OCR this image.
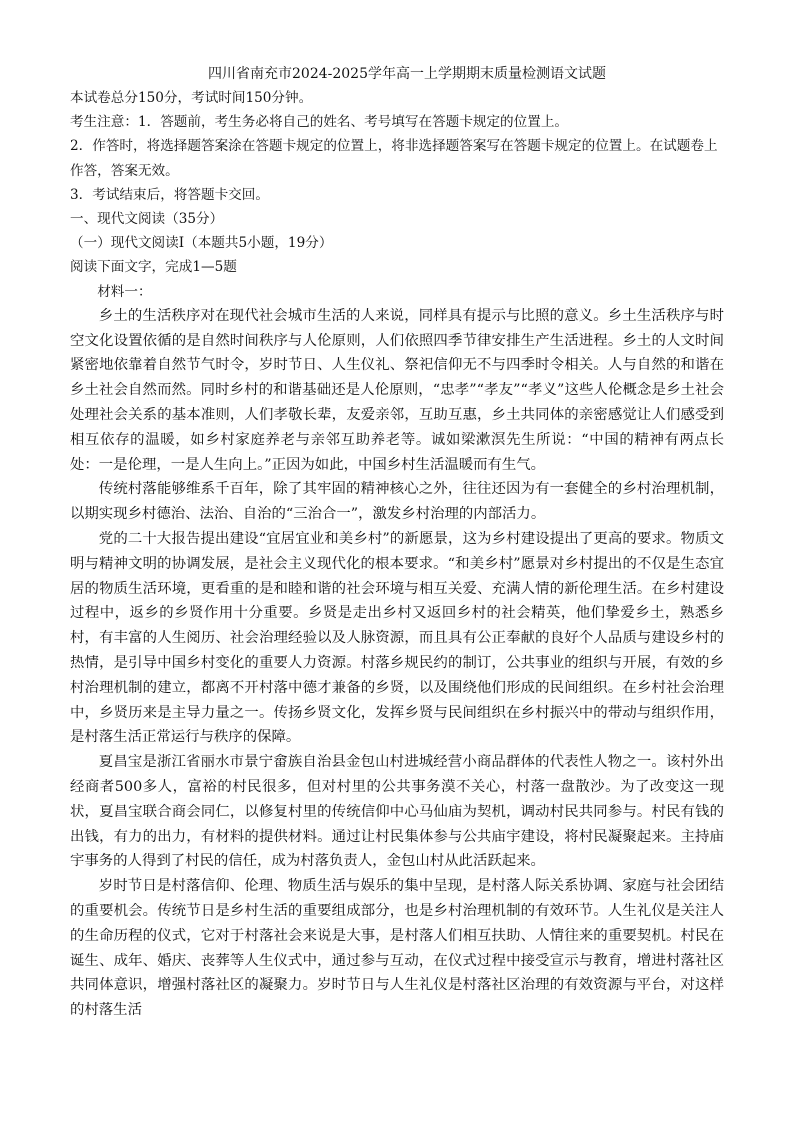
四川省南充市2024-2025学年高一上学期期末质量检测语文试题

本试卷总分150分，考试时间150分钟。

考生注意：1．答题前，考生务必将自己的姓名、考号填写在答题卡规定的位置上。

2．作答时，将选择题答案涂在答题卡规定的位置上，将非选择题答案写在答题卡规定的位置上。在试题卷上作答，答案无效。

3．考试结束后，将答题卡交回。

一、现代文阅读（35分）

（一）现代文阅读Ⅰ（本题共5小题，19分）

阅读下面文字，完成1—5题

材料一：

乡土的生活秩序对在现代社会城市生活的人来说，同样具有提示与比照的意义。乡土生活秩序与时空文化设置依循的是自然时间秩序与人伦原则，人们依照四季节律安排生产生活进程。乡土的人文时间紧密地依靠着自然节气时令，岁时节日、人生仪礼、祭祀信仰无不与四季时令相关。人与自然的和谐在乡土社会自然而然。同时乡村的和谐基础还是人伦原则，“忠孝”“孝友”“孝义”这些人伦概念是乡土社会处理社会关系的基本准则，人们孝敬长辈，友爱亲邻，互助互惠，乡土共同体的亲密感觉让人们感受到相互依存的温暖，如乡村家庭养老与亲邻互助养老等。诚如梁漱溟先生所说：“中国的精神有两点长处：一是伦理，一是人生向上。”正因为如此，中国乡村生活温暖而有生气。

传统村落能够维系千百年，除了其牢固的精神核心之外，往往还因为有一套健全的乡村治理机制，以期实现乡村德治、法治、自治的“三治合一”，激发乡村治理的内部活力。

党的二十大报告提出建设“宜居宜业和美乡村”的新愿景，这为乡村建设提出了更高的要求。物质文明与精神文明的协调发展，是社会主义现代化的根本要求。“和美乡村”愿景对乡村提出的不仅是生态宜居的物质生活环境，更看重的是和睦和谐的社会环境与相互关爱、充满人情的新伦理生活。在乡村建设过程中，返乡的乡贤作用十分重要。乡贤是走出乡村又返回乡村的社会精英，他们挚爱乡土，熟悉乡村，有丰富的人生阅历、社会治理经验以及人脉资源，而且具有公正奉献的良好个人品质与建设乡村的热情，是引导中国乡村变化的重要人力资源。村落乡规民约的制订，公共事业的组织与开展，有效的乡村治理机制的建立，都离不开村落中德才兼备的乡贤，以及围绕他们形成的民间组织。在乡村社会治理中，乡贤历来是主导力量之一。传扬乡贤文化，发挥乡贤与民间组织在乡村振兴中的带动与组织作用，是村落生活正常运行与秩序的保障。

夏昌宝是浙江省丽水市景宁畲族自治县金包山村进城经营小商品群体的代表性人物之一。该村外出经商者500多人，富裕的村民很多，但对村里的公共事务漠不关心，村落一盘散沙。为了改变这一现状，夏昌宝联合商会同仁，以修复村里的传统信仰中心马仙庙为契机，调动村民共同参与。村民有钱的出钱，有力的出力，有材料的提供材料。通过让村民集体参与公共庙宇建设，将村民凝聚起来。主持庙宇事务的人得到了村民的信任，成为村落负责人，金包山村从此活跃起来。

岁时节日是村落信仰、伦理、物质生活与娱乐的集中呈现，是村落人际关系协调、家庭与社会团结的重要机会。传统节日是乡村生活的重要组成部分，也是乡村治理机制的有效环节。人生礼仪是关注人的生命历程的仪式，它对于村落社会来说是大事，是村落人们相互扶助、人情往来的重要契机。村民在诞生、成年、婚庆、丧葬等人生仪式中，通过参与互动，在仪式过程中接受宣示与教育，增进村落社区共同体意识，增强村落社区的凝聚力。岁时节日与人生礼仪是村落社区治理的有效资源与平台，对这样的村落生活
